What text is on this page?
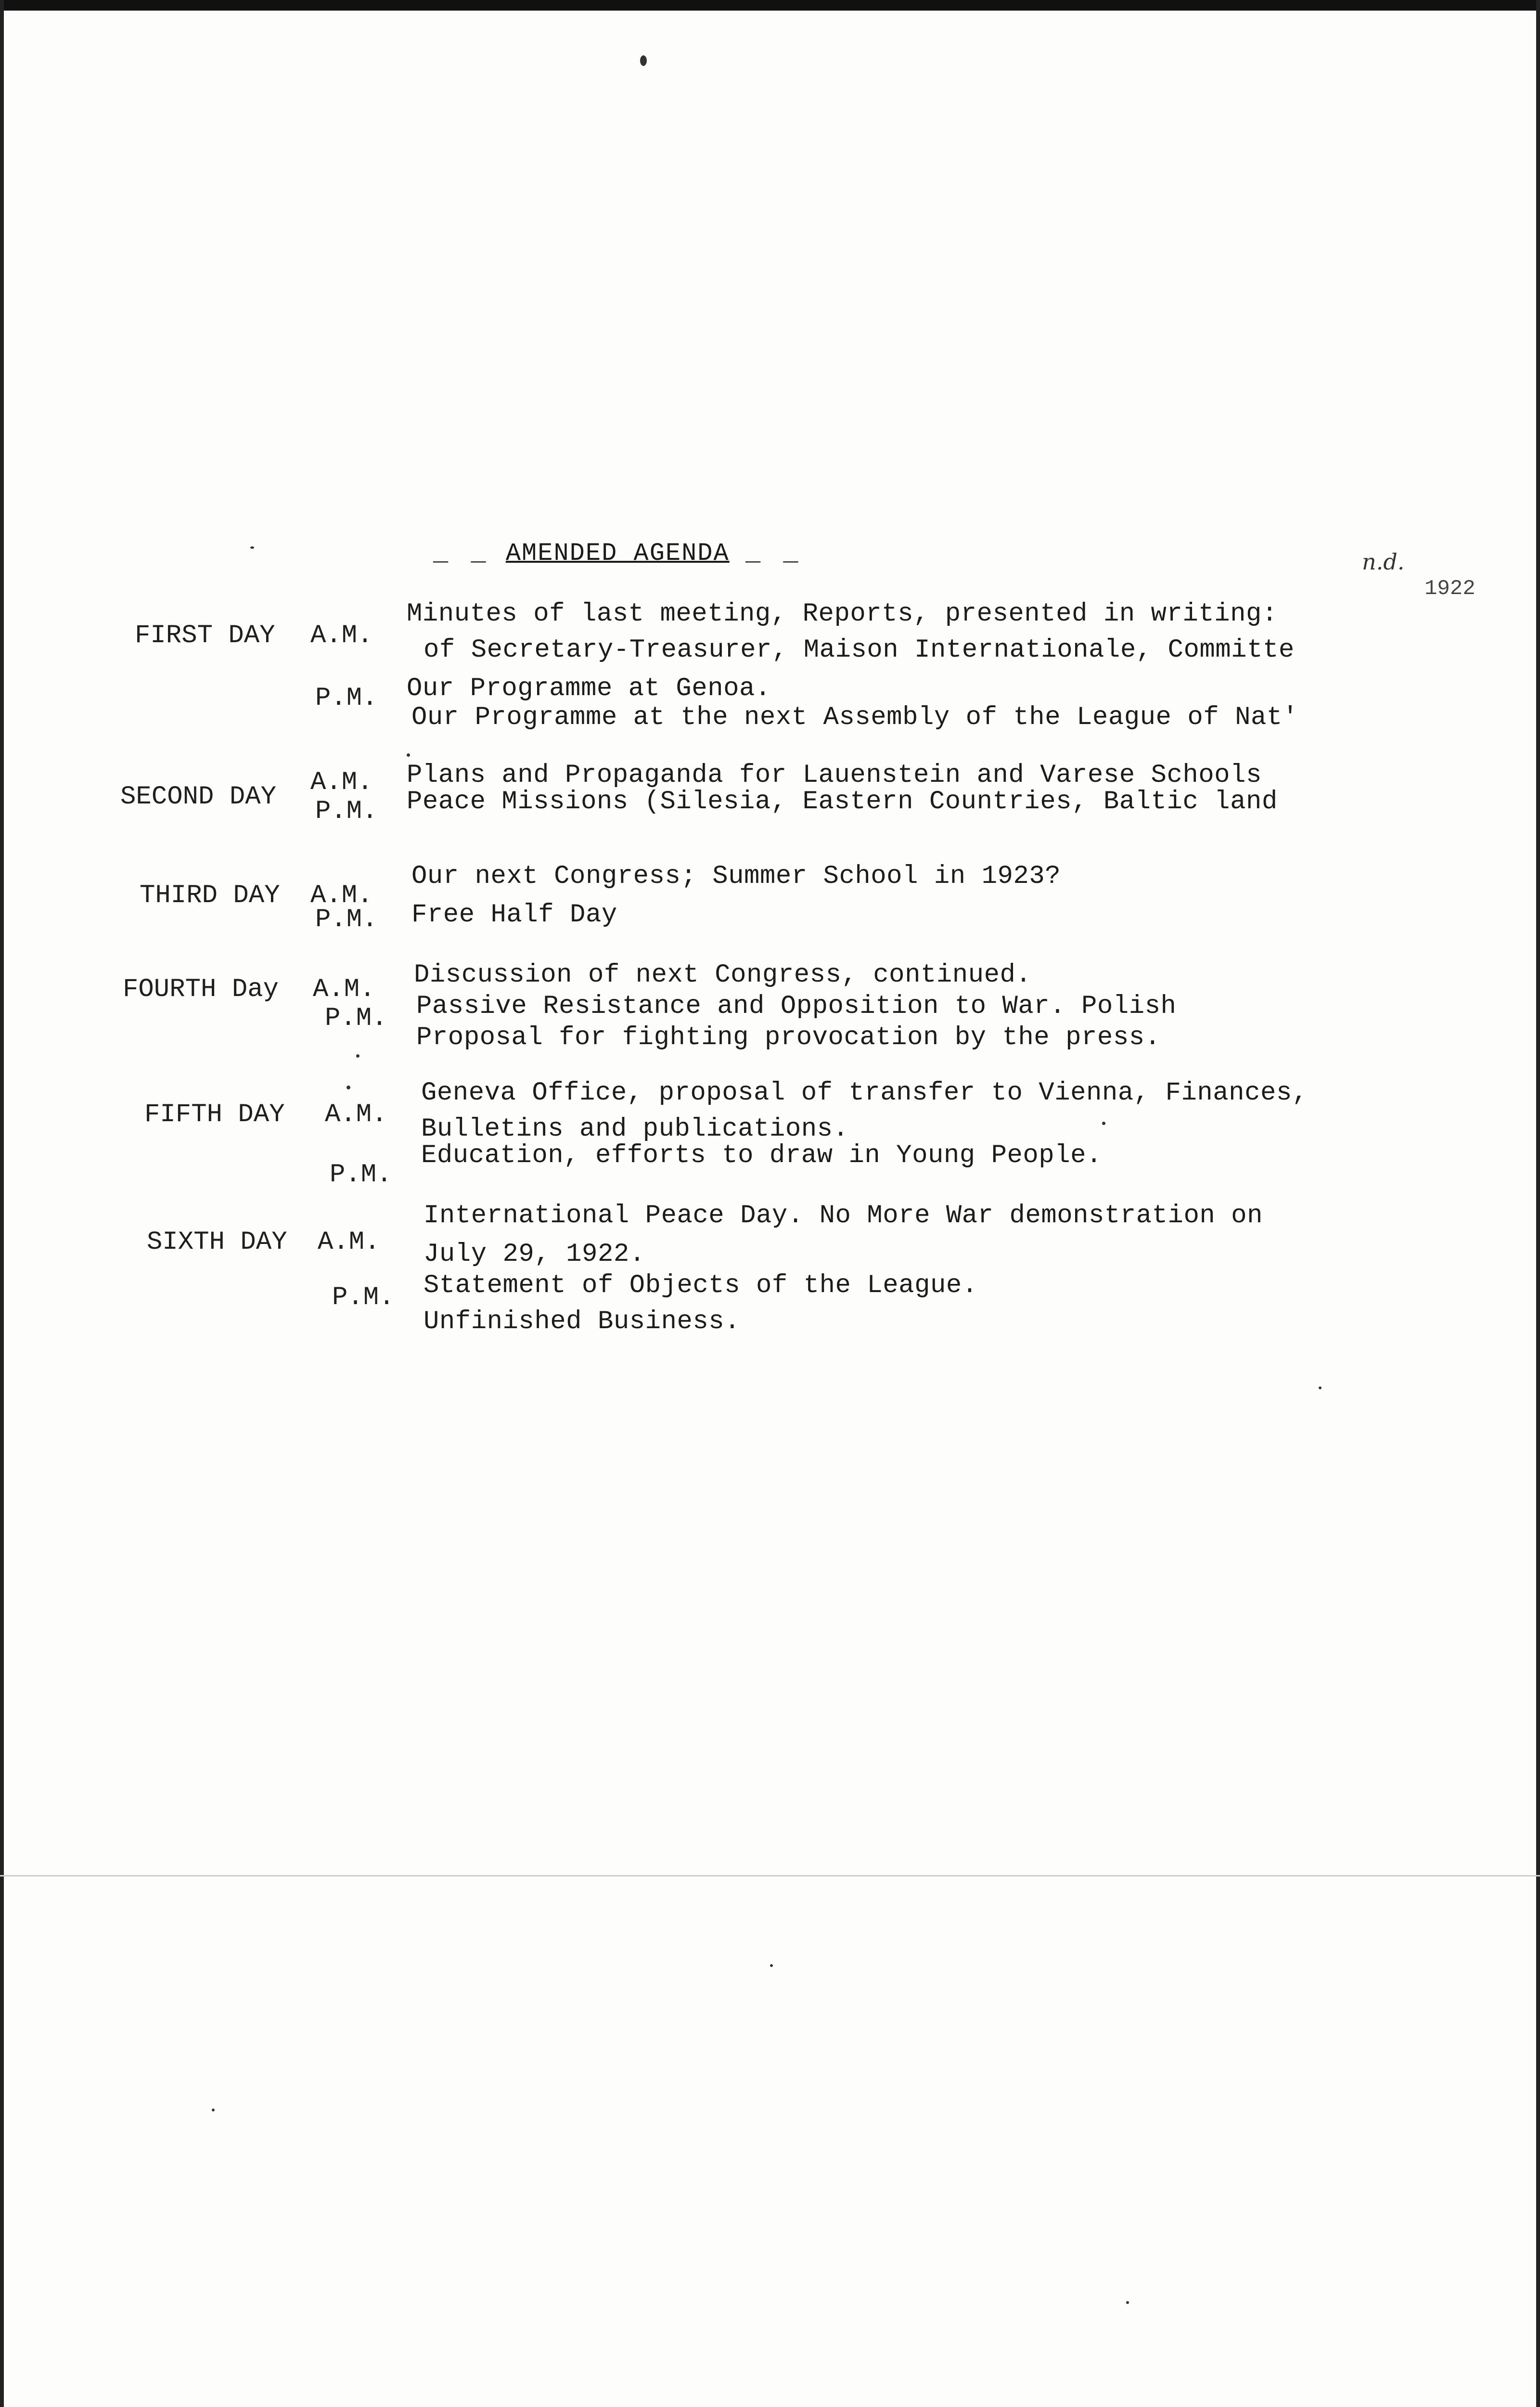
_ _ AMENDED AGENDA _ _	n.d.
1922
FIRST DAY A.M.
Minutes of last meeting, Reports, presented in writing:
of Secretary-Treasurer, Maison Internationale, Committe
P.M. Our Programme at Genoa.
Our Programme at the next Assembly of the League of Nat'
SECOND DAY A.M. Plans and Propaganda for Lauenstein and Varese Schools
P.M. Peace Missions (Silesia, Eastern Countries, Baltic land
THIRD DAY A.M.
Our next Congress; Summer School in 1923?
P.M. Free Half Day
FOURTH Day A.M. Discussion of next Congress, continued.
P.M. Passive Resistance and Opposition to War. Polish
Proposal for fighting provocation by the press.
FIFTH DAY A.M.
Geneva Office, proposal of transfer to Vienna, Finances,
Bulletins and publications.
P.M.
Education, efforts to draw in Young People.
SIXTH DAY A.M.
International Peace Day. No More War demonstration on
July 29, 1922.
P.M. Statement of Objects of the League.
Unfinished Business.
